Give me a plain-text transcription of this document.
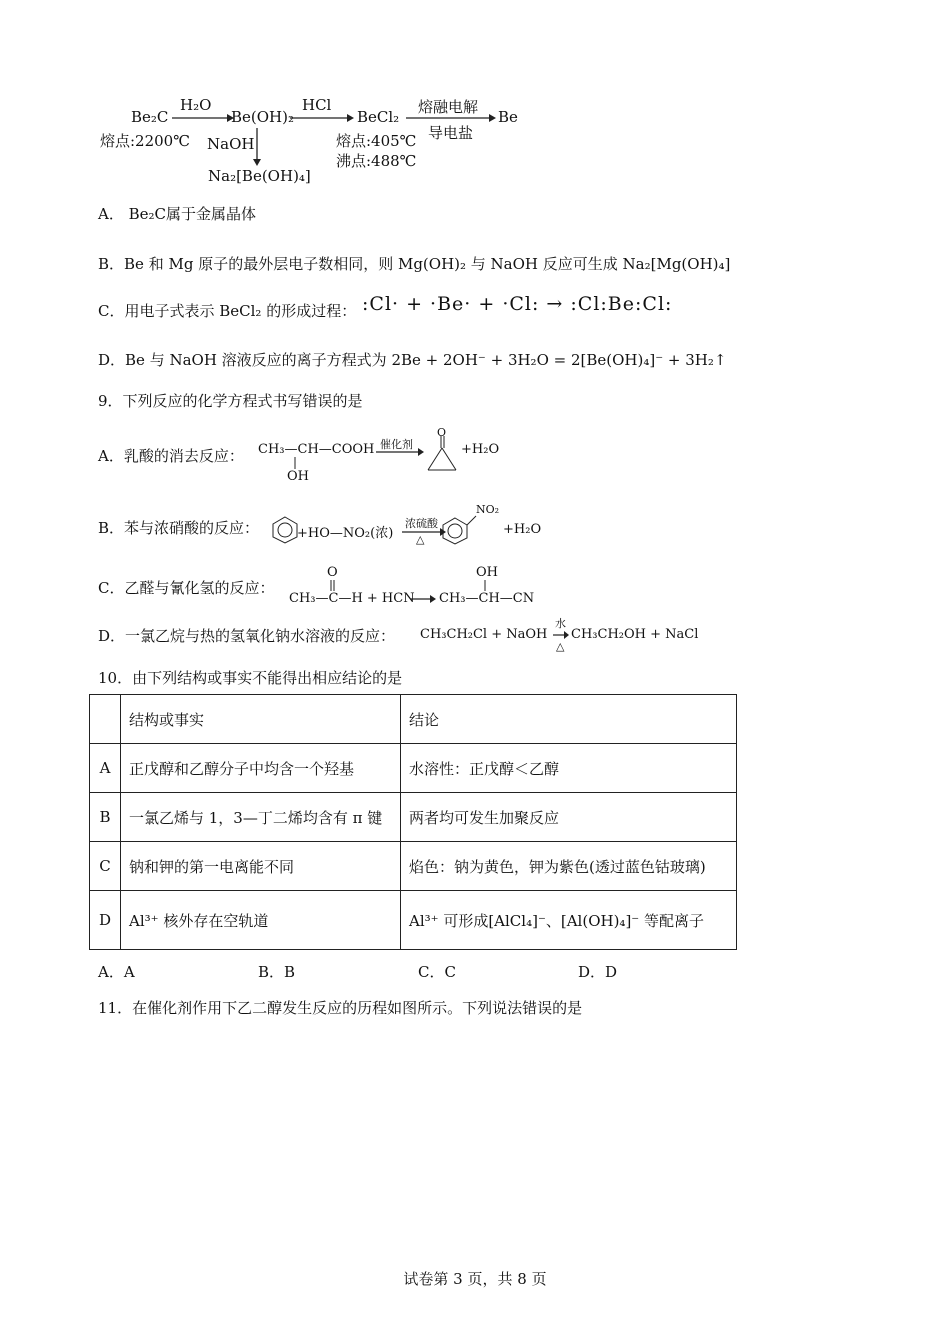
Be₂C
熔点:2200℃
H₂O
Be(OH)₂
NaOH
Na₂[Be(OH)₄]
HCl
BeCl₂
熔点:405℃
沸点:488℃
熔融电解
导电盐
Be
A． Be₂C属于金属晶体
B．Be 和 Mg 原子的最外层电子数相同，则 Mg(OH)₂ 与 NaOH 反应可生成 Na₂[Mg(OH)₄]
C．用电子式表示 BeCl₂ 的形成过程： :Cl· + ·Be· + ·Cl: → :Cl:Be:Cl:
D．Be 与 NaOH 溶液反应的离子方程式为 2Be + 2OH⁻ + 3H₂O = 2[Be(OH)₄]⁻ + 3H₂↑
9．下列反应的化学方程式书写错误的是
A．乳酸的消去反应： CH₃—CH—COOH
OH
催化剂
O
+H₂O
B．苯与浓硝酸的反应：	+HO—NO₂(浓)
浓硫酸
△
NO₂
+H₂O
C．乙醛与氰化氢的反应：
O
CH₃—C—H + HCN
OH
CH₃—CH—CN
D．一氯乙烷与热的氢氧化钠水溶液的反应： CH₃CH₂Cl + NaOH
水
△
CH₃CH₂OH + NaCl
10．由下列结构或事实不能得出相应结论的是
	结构或事实	结论
A	正戊醇和乙醇分子中均含一个羟基	水溶性：正戊醇＜乙醇
B	一氯乙烯与 1，3—丁二烯均含有 π 键	两者均可发生加聚反应
C	钠和钾的第一电离能不同	焰色：钠为黄色，钾为紫色(透过蓝色钴玻璃)
D	Al³⁺ 核外存在空轨道	Al³⁺ 可形成[AlCl₄]⁻、[Al(OH)₄]⁻ 等配离子
A．A	B．B	C．C	D．D
11．在催化剂作用下乙二醇发生反应的历程如图所示。下列说法错误的是
试卷第 3 页，共 8 页
